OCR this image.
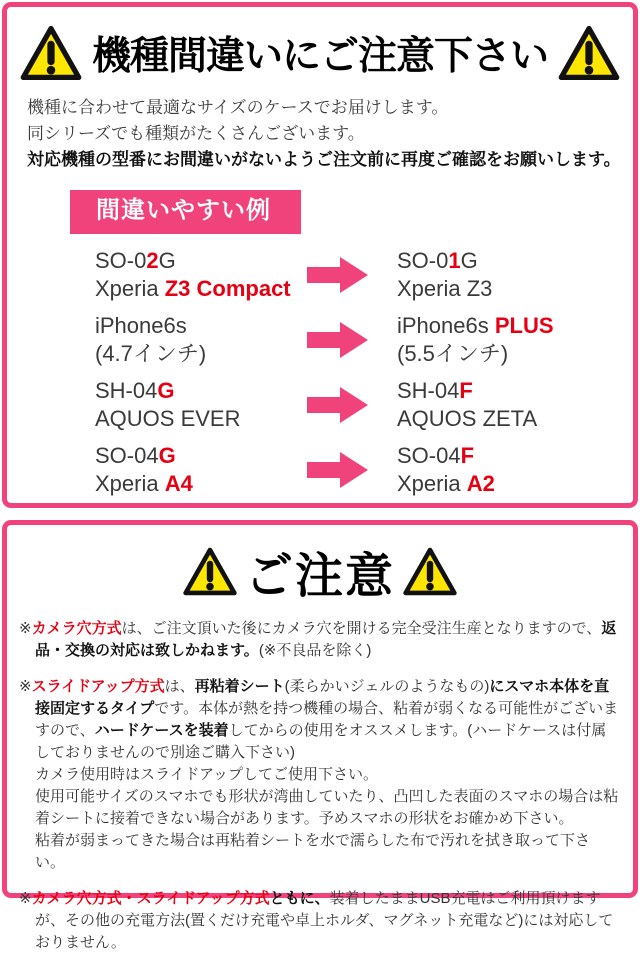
機種間違いにご注意下さい
機種に合わせて最適なサイズのケースでお届けします。
同シリーズでも種類がたくさんございます。
対応機種の型番にお間違いがないようご注文前に再度ご確認をお願いします。
間違いやすい例
SO-02G
Xperia Z3 Compact
SO-01G
Xperia Z3
iPhone6s
(4.7インチ)
iPhone6s PLUS
(5.5インチ)
SH-04G
AQUOS EVER
SH-04F
AQUOS ZETA
SO-04G
Xperia A4
SO-04F
Xperia A2
ご注意
※カメラ穴方式は、ご注文頂いた後にカメラ穴を開ける完全受注生産となりますので、返品・交換の対応は致しかねます。(※不良品を除く)
※スライドアップ方式は、再粘着シート(柔らかいジェルのようなもの)にスマホ本体を直接固定するタイプです。本体が熱を持つ機種の場合、粘着が弱くなる可能性がございますので、ハードケースを装着してからの使用をオススメします。(ハードケースは付属しておりませんので別途ご購入下さい)
カメラ使用時はスライドアップしてご使用下さい。
使用可能サイズのスマホでも形状が湾曲していたり、凸凹した表面のスマホの場合は粘着シートに接着できない場合があります。予めスマホの形状をお確かめ下さい。
粘着が弱まってきた場合は再粘着シートを水で濡らした布で汚れを拭き取って下さい。
※カメラ穴方式・スライドアップ方式ともに、装着したままUSB充電はご利用頂けますが、その他の充電方法(置くだけ充電や卓上ホルダ、マグネット充電など)には対応しておりません。
